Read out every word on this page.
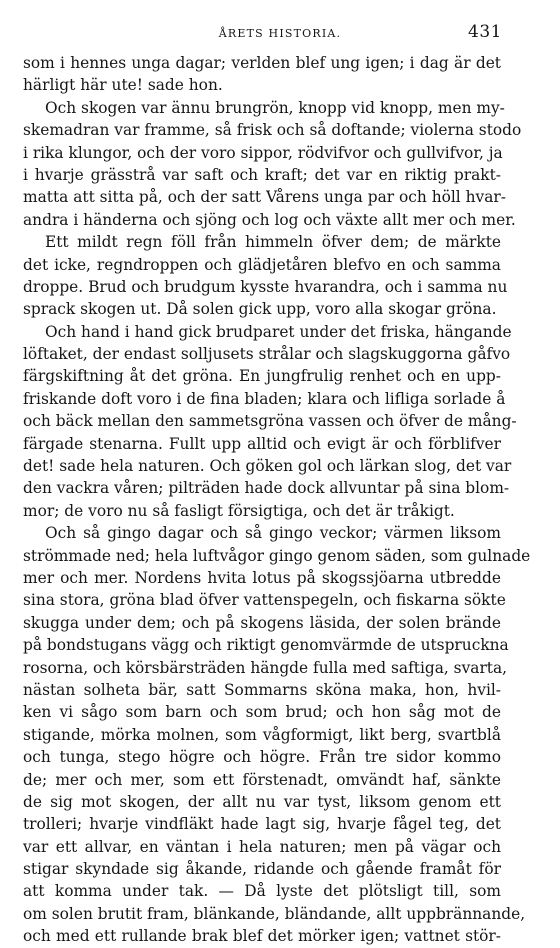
ÅRETS HISTORIA.	431
som i hennes unga dagar; verlden blef ung igen; i dag är det
härligt här ute! sade hon.
Och skogen var ännu brungrön, knopp vid knopp, men my-
skemadran var framme, så frisk och så doftande; violerna stodo
i rika klungor, och der voro sippor, rödvifvor och gullvifvor, ja
i hvarje grässtrå var saft och kraft; det var en riktig prakt-
matta att sitta på, och der satt Vårens unga par och höll hvar-
andra i händerna och sjöng och log och växte allt mer och mer.
Ett mildt regn föll från himmeln öfver dem; de märkte
det icke, regndroppen och glädjetåren blefvo en och samma
droppe. Brud och brudgum kysste hvarandra, och i samma nu
sprack skogen ut. Då solen gick upp, voro alla skogar gröna.
Och hand i hand gick brudparet under det friska, hängande
löftaket, der endast solljusets strålar och slagskuggorna gåfvo
färgskiftning åt det gröna. En jungfrulig renhet och en upp-
friskande doft voro i de fina bladen; klara och lifliga sorlade å
och bäck mellan den sammetsgröna vassen och öfver de mång-
färgade stenarna. Fullt upp alltid och evigt är och förblifver
det! sade hela naturen. Och göken gol och lärkan slog, det var
den vackra våren; pilträden hade dock allvuntar på sina blom-
mor; de voro nu så fasligt försigtiga, och det är tråkigt.
Och så gingo dagar och så gingo veckor; värmen liksom
strömmade ned; hela luftvågor gingo genom säden, som gulnade
mer och mer. Nordens hvita lotus på skogssjöarna utbredde
sina stora, gröna blad öfver vattenspegeln, och fiskarna sökte
skugga under dem; och på skogens läsida, der solen brände
på bondstugans vägg och riktigt genomvärmde de utspruckna
rosorna, och körsbärsträden hängde fulla med saftiga, svarta,
nästan solheta bär, satt Sommarns sköna maka, hon, hvil-
ken vi sågo som barn och som brud; och hon såg mot de
stigande, mörka molnen, som vågformigt, likt berg, svartblå
och tunga, stego högre och högre. Från tre sidor kommo
de; mer och mer, som ett förstenadt, omvändt haf, sänkte
de sig mot skogen, der allt nu var tyst, liksom genom ett
trolleri; hvarje vindfläkt hade lagt sig, hvarje fågel teg, det
var ett allvar, en väntan i hela naturen; men på vägar och
stigar skyndade sig åkande, ridande och gående framåt för
att komma under tak. — Då lyste det plötsligt till, som
om solen brutit fram, blänkande, bländande, allt uppbrännande,
och med ett rullande brak blef det mörker igen; vattnet stör-
